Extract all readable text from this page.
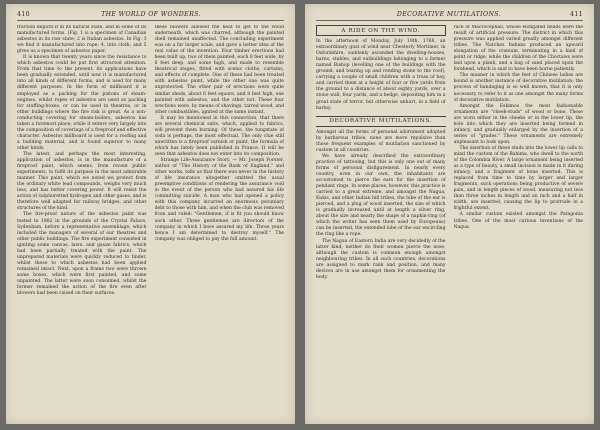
410	THE WORLD OF WONDERS.

traction depicts it in its natural state, and in some of its manufactured forms. (Fig. 1 is a specimen of Canadian asbestos in its raw state; 2 is Italian asbestos. In Fig. 3 we find it manufactured into rope; 4, into cloth; and 5 gives us a specimen of asbestos paper.

It is known that twenty years since the resistance to which asbestos could be put first attracted attention. From that time to the present, its applications have been gradually extended, until now it is manufactured into all kinds of different forms, and is used for many different purposes. In the form of millboard it is employed as a packing for the pistons of steam-engines, whilst ropes of asbestos are used as packing for stuffing-boxes, or can be used in theatres, or in other buildings where the fire risk is great. As a non-conducting covering for steam-boilers, asbestos has taken a foremost place; while it enters very largely into the composition of coverings of a fireproof and effective character. Asbestos millboard is used for a roofing and a building material, and is found superior to many other kinds.

The latest, and perhaps the most interesting, application of asbestos, is in the manufacture of a fireproof paint, which seems, from recent public experiments, to fulfil its purpose in the most admirable manner. This paint, which we noted we protect from the ordinary white lead compounds, weighs very much less, and has better covering power. It will resist the action of sulphuretted hydrogen and other gases, and is therefore well adapted for railway bridges, and other structures of the kind.

The fire-proof nature of the asbestos paint was tested in 1882 in the grounds of the Crystal Palace, Sydenham, before a representative assemblage, which included the managers of several of our theatres and other public buildings. The fire experiment consisted in igniting some canvas, lawn, and gauze fabrics, which had been partially treated with the paint. The unprepared materials were quickly reduced to tinder, whilst those to which asbestos had been applied remained intact. Next, upon a frame two were thrown some boxes, which were first painted, and some unpainted. The latter were soon consumed, whilst the former remained the action of the fire even after blowers had been raised on their surfaces.

these blowers allowed the heat to get to the wood underneath, which was charred, although the painted shell remained unaffected. The concluding experiment was on a far larger scale, and gave a better idea of the real value of the invention. Four timber erections had been built up, two of them painted, each 8 feet wide, by 6 feet deep, and some high, and made to resemble theatrical stages, fitted with scenic cloths, curtains, and effects of complete. One of these had been treated with asbestos paint, while the other one was quite unprotected. The other pair of erections were quite similar sheds, about 6 feet square, and 8 feet high, one painted with asbestos, and the other not. These four erections were, by means of shavings, tarred wood, and other combustibles, ignited at the same instant.

It may be mentioned in this connection, that there are several chemical salts, which, applied to fabrics, will prevent them burning. Of these, the tungstate of soda is perhaps, the most effectual. The only clue still unwritten is a fireproof varnish or paint, the formula of which has lately been published in France. It will be seen that asbestos does not enter into its composition.

Strange Life-Assurance Story. — Mr. Joseph Forster, author of "The History of the Bank of England," and other works, tells us that there was never in the history of life insurance altogether omitted the usual preemptive conditions of rendering the assurance void in the event of the person who had assured his life committing suicide. A man who had opened a policy with this company incurred an enormous pecuniary debt to those with him, and when the club was removed from and ruled: "Gentlemen, if is fit you should know each other. Three gentlemen are directors of the company in which I have assured my life. Three years hence I am determined to destroy myself." The company was obliged to pay the full amount.

DECORATIVE MUTILATIONS.	411
A RIDE ON THE WIND.

In the afternoon of Monday, July 19th, 1768, an extraordinary gust of wind near Chesterly Mortimer, in Oxfordshire, suddenly ascended the dwelling-houses, barns, stables, and outbuildings belonging to a farmer named Bishop (levelling one of the buildings with the ground, and tearing up and rending stone to the roof), carrying a couple of small children with a truss of hay, and carried them at a height of four or five yards from the ground to a distance of about eighty yards, over a stone wall, four yards, and a hedge, depositing him in a great state of terror, but otherwise unhurt, in a field of barley.

DECORATIVE MUTILATIONS.

Amongst all the forms of personal adornment adopted by barbarous tribes, none are more repulsive than those frequent examples of mutilation sanctioned by custom in all countries.

We have already described the extraordinary practice of tattooing, but this is only one out of many forms of personal disfigurement. In nearly every country, even in our own, the inhabitants are accustomed to pierce the ears for the insertion of pendant rings. In some places, however, this practice is carried to a great extreme, and amongst the Nagua, Kukis, and other Indian hill tribes, the lobe of the ear is pierced, and a plug of wood inserted, the size of which is gradually increased until at length a silver ring, about the size and nearly the shape of a napkin-ring (of which the writer has seen them used by Europeans) can be inserted, the extended lobe of the ear encircling the ring like a rope.

The Nagua of Eastern India are very decidedly of the latter kind; neither do their women pierce the nose, although the custom is common enough amongst neighbouring tribes. In all such countries, decorations are assigned to mark rank and position, and many devices are in use amongst them for ornamenting the body.

race of Macrocephali, whose elongated heads were the result of artificial pressure. The district in which this pressure was applied varied greatly amongst different tribes. The Natchez Indians produced an upward elongation of the cranium, terminating in a kind of point or ridge, while the children of the Choctaws were laid upon a plank, and a bag of sand placed upon the forehead, which is said to have been borne patiently.

The manner in which the feet of Chinese ladies are bound is another instance of decorative mutilation; the process of bandaging is so well known, that it is only necessary to refer to it as one amongst the many forms of decorative mutilation.

Amongst the Eskimos the most fashionable ornaments are "cheek-studs" of wood or bone. These are worn either in the cheeks or in the lower lip, the hole into which they are inserted being formed in infancy, and gradually enlarged by the insertion of a series of "grades." These ornaments are extremely unpleasant to look upon.

The insertion of these studs into the lower lip calls to mind the custom of the Bahima, who dwell to the north of the Colombia River. A large ornament being inserted as a type of beauty, a small incision is made in it during infancy, and a fragment of bone inserted. This is replaced from time to time by larger and larger fragments, such operations being productive of severe pain, and in length pieces of wood, measuring not less than three inches in length and an inch and a half in width, are inserted, causing the lip to protrude in a frightful extent.

A similar custom existed amongst the Patagonia tribes. One of the most curious inventions of the Nagua.
